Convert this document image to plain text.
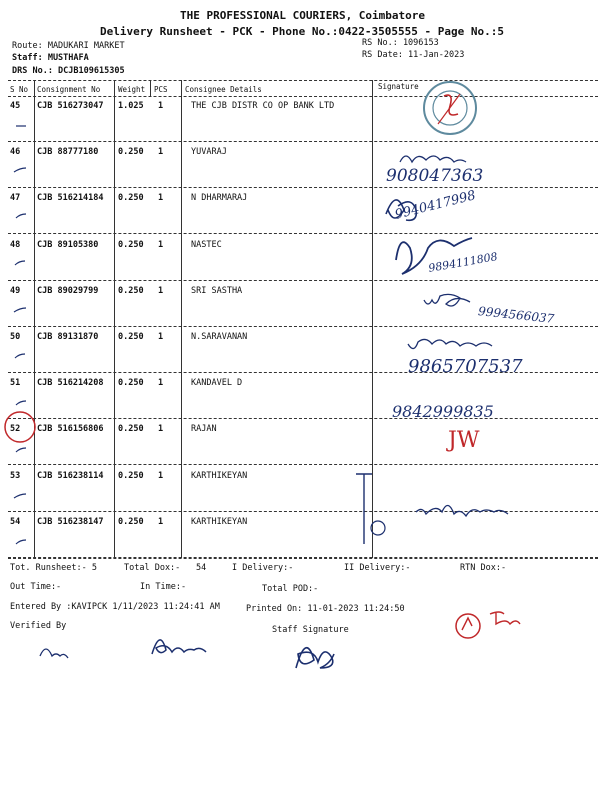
THE PROFESSIONAL COURIERS, Coimbatore
Delivery Runsheet - PCK - Phone No.:0422-3505555 - Page No.:5
Route: MADUKARI MARKET
Staff: MUSTHAFA
DRS No.: DCJB109615305
RS No.: 1096153
RS Date: 11-Jan-2023
S No Consignment No Weight PCS Consignee Details	Signature
45 CJB 516273047 1.025 1	THE CJB DISTR CO OP BANK LTD
46 CJB 88777180 0.250 1	YUVARAJ
47 CJB 516214184 0.250 1	N DHARMARAJ
48 CJB 89105380 0.250 1	NASTEC
49 CJB 89029799 0.250 1	SRI SASTHA
50 CJB 89131870 0.250 1	N.SARAVANAN
51 CJB 516214208 0.250 1	KANDAVEL D
52 CJB 516156806 0.250 1	RAJAN
53 CJB 516238114 0.250 1	KARTHIKEYAN
54 CJB 516238147 0.250 1	KARTHIKEYAN
Tot. Runsheet:- 5	Total Dox:- 54	I Delivery:-	II Delivery:-	RTN Dox:-
Out Time:-	In Time:-	Total POD:-
Entered By :KAVIPCK 1/11/2023 11:24:41 AM	Printed On: 11-01-2023 11:24:50
Verified By	Staff Signature
908047363
9940417998
9894111808
9994566037
9865707537
9842999835
JW
